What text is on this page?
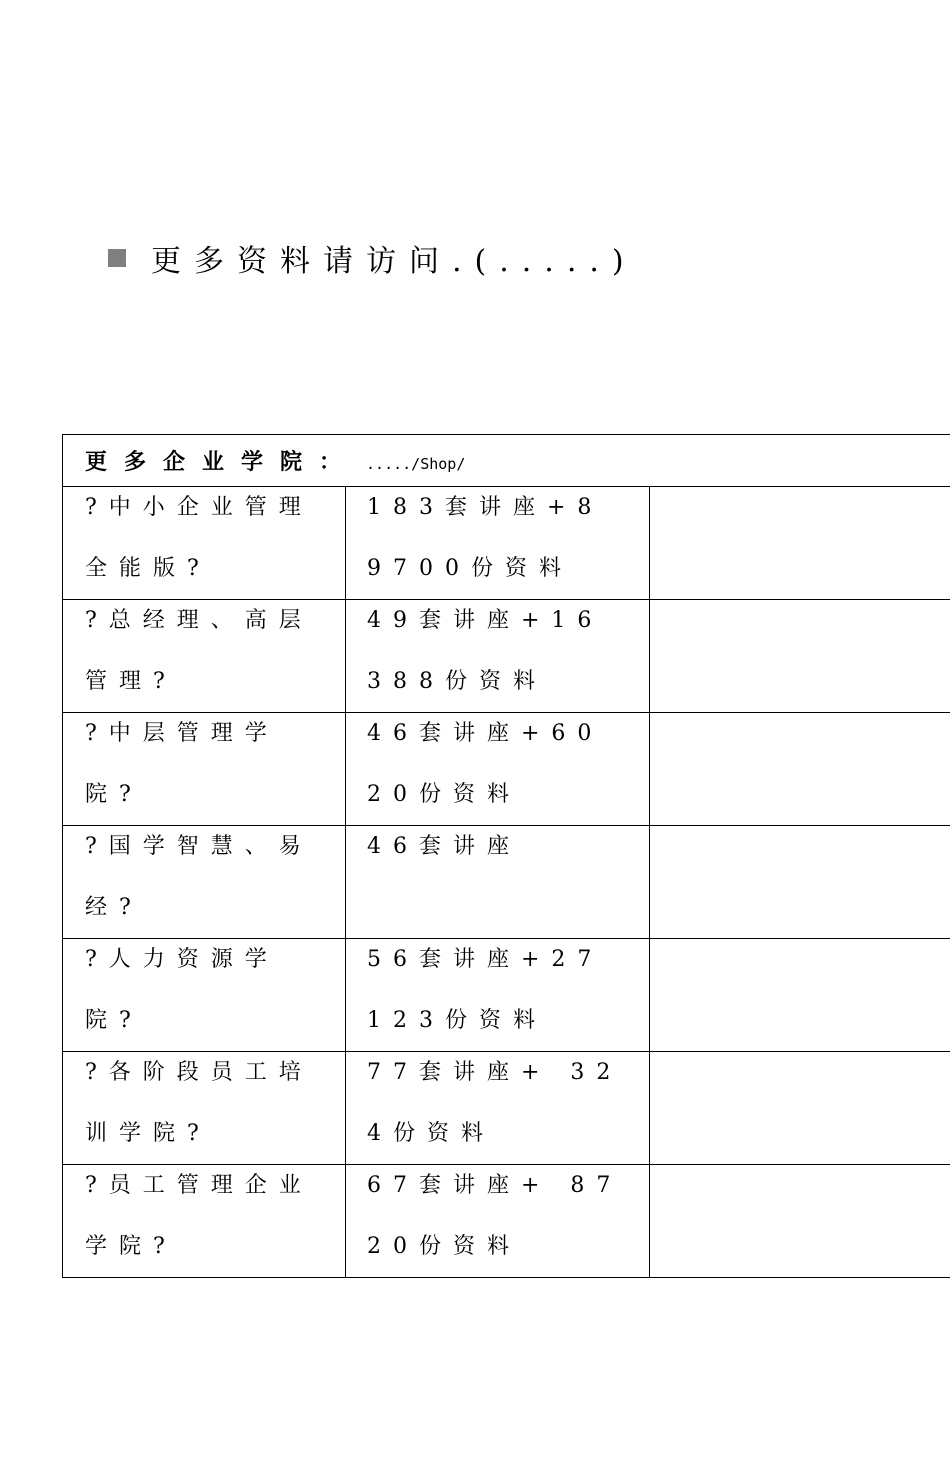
更多资料请访问.(.....)
更多企业学院： ...../Shop/		

?中小企业管理全能版?	183套讲座+89700份资料	

?总经理、高层管理?	49套讲座+16388份资料	

?中层管理学院?	46套讲座+6020份资料	

?国学智慧、易经?	46套讲座	

?人力资源学院?	56套讲座+27123份资料	

?各阶段员工培训学院?	77套讲座+ 324份资料	

?员工管理企业学院?	67套讲座+ 8720份资料	
